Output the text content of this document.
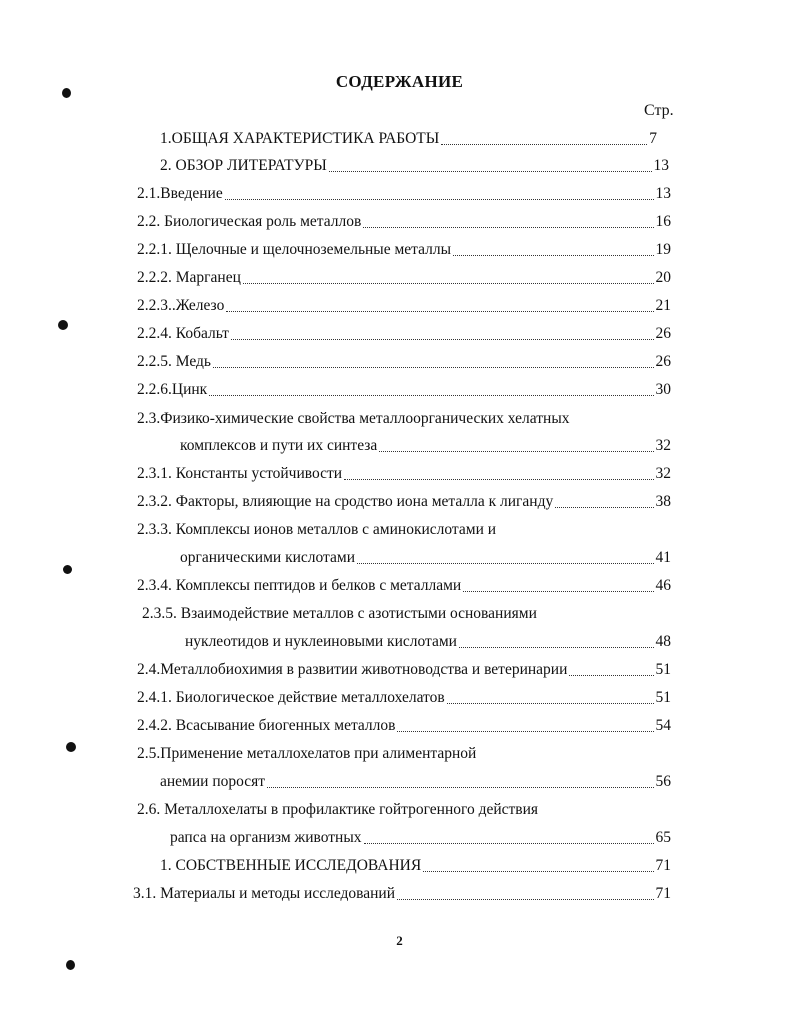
СОДЕРЖАНИЕ
Стр.
1.ОБЩАЯ ХАРАКТЕРИСТИКА РАБОТЫ	7
2. ОБЗОР ЛИТЕРАТУРЫ	13
2.1.Введение	13
2.2. Биологическая роль металлов	16
2.2.1. Щелочные и щелочноземельные металлы	19
2.2.2. Марганец	20
2.2.3..Железо	21
2.2.4. Кобальт	26
2.2.5. Медь	26
2.2.6.Цинк	30
2.3.Физико-химические свойства металлоорганических хелатных
комплексов и пути их синтеза	32
2.3.1. Константы устойчивости	32
2.3.2. Факторы, влияющие на сродство иона металла к лиганду	38
2.3.3. Комплексы ионов металлов с аминокислотами и
органическими кислотами	41
2.3.4. Комплексы пептидов и белков с металлами	46
2.3.5. Взаимодействие металлов с азотистыми основаниями
нуклеотидов и нуклеиновыми кислотами	48
2.4.Металлобиохимия в развитии животноводства и ветеринарии	51
2.4.1. Биологическое действие металлохелатов	51
2.4.2. Всасывание биогенных металлов	54
2.5.Применение металлохелатов при алиментарной
анемии поросят	56
2.6. Металлохелаты в профилактике гойтрогенного действия
рапса на организм животных	65
1. СОБСТВЕННЫЕ ИССЛЕДОВАНИЯ	71
3.1. Материалы и методы исследований	71
2
